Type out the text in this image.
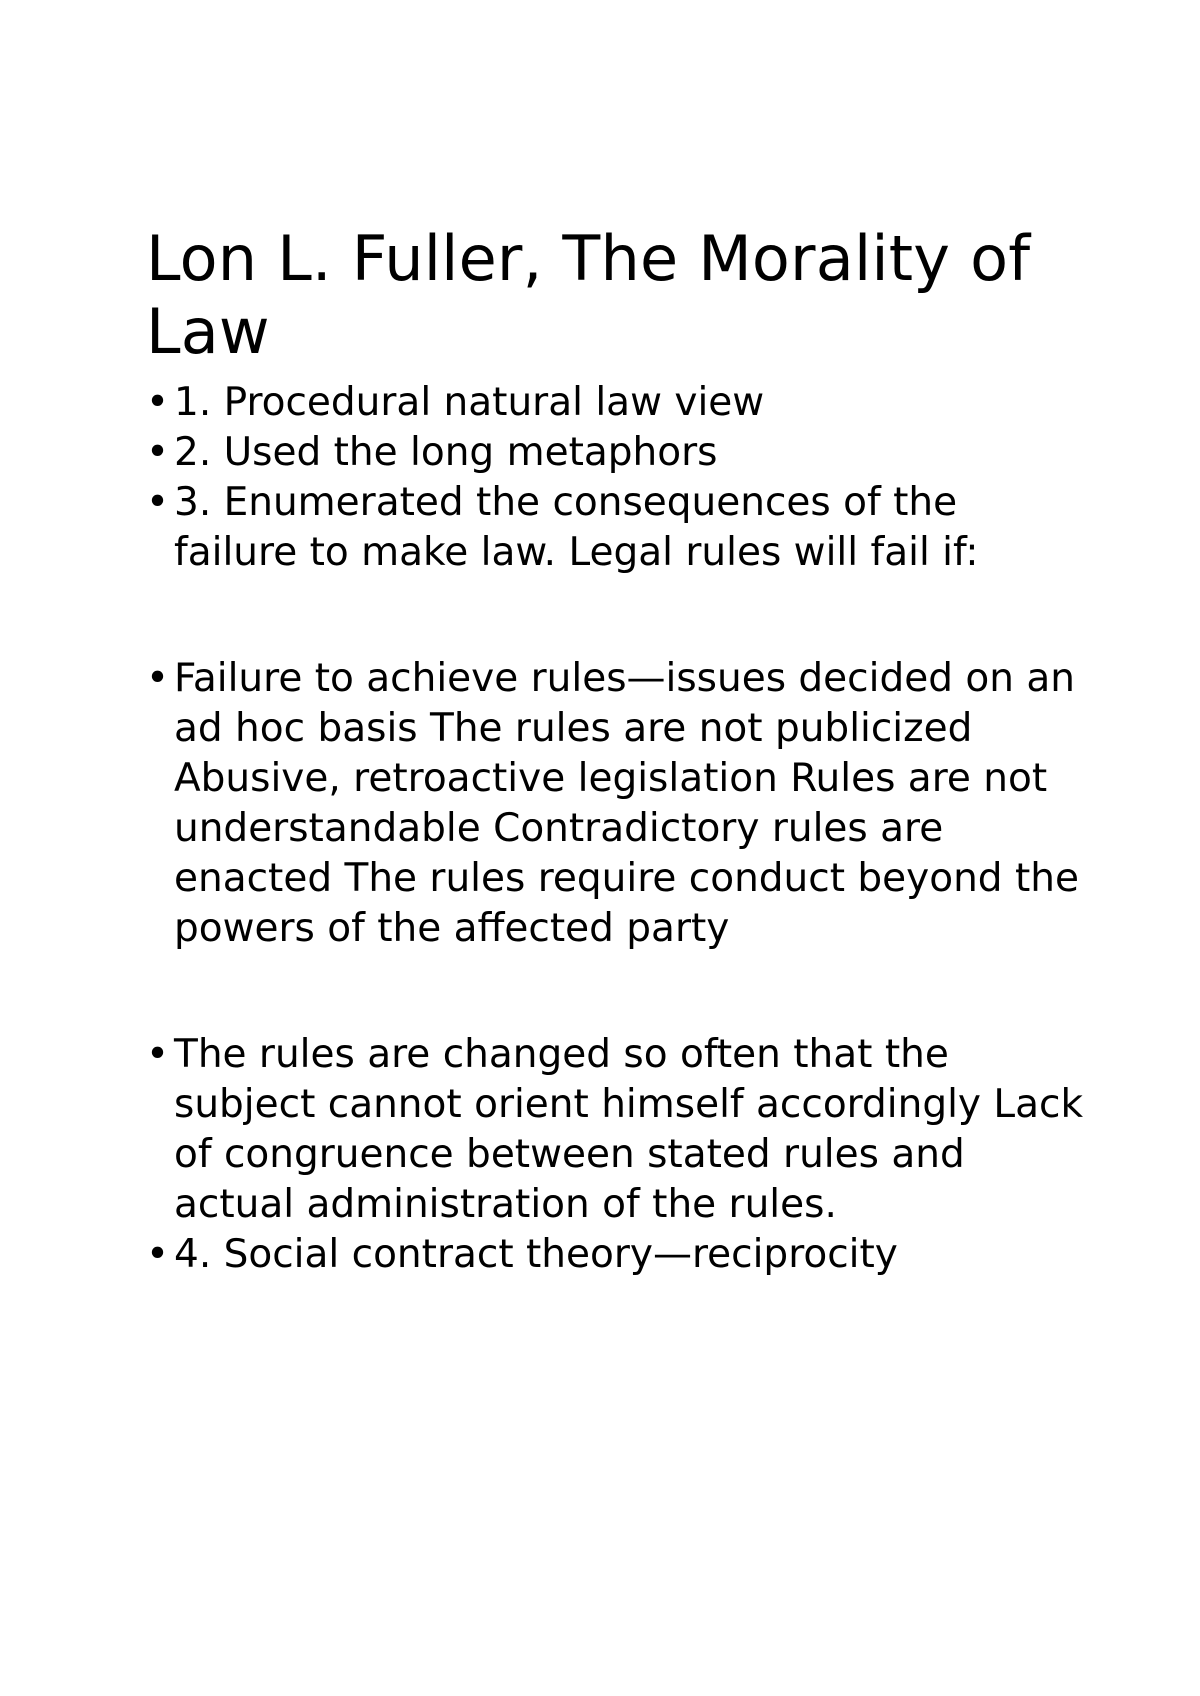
Lon L. Fuller, The Morality of Law
• 1. Procedural natural law view
• 2. Used the long metaphors
• 3. Enumerated the consequences of the failure to make law. Legal rules will fail if:
• Failure to achieve rules—issues decided on an ad hoc basis The rules are not publicized Abusive, retroactive legislation Rules are not understandable Contradictory rules are enacted The rules require conduct beyond the powers of the affected party
• The rules are changed so often that the subject cannot orient himself accordingly Lack of congruence between stated rules and actual administration of the rules.
• 4. Social contract theory—reciprocity
